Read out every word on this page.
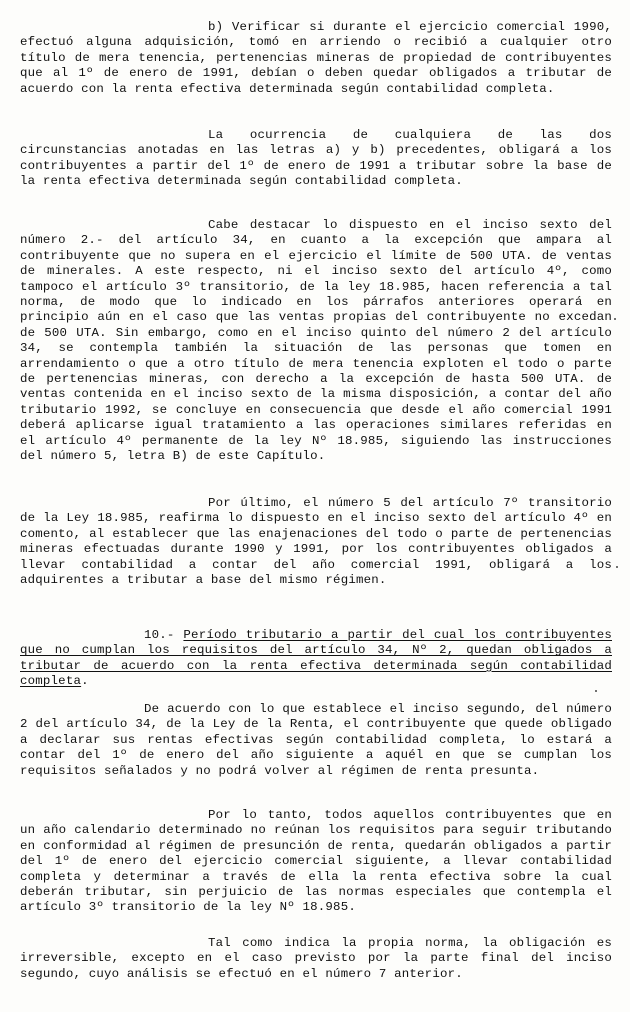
b) Verificar si durante el ejercicio comercial 1990, efectuó alguna adquisición, tomó en arriendo o recibió a cualquier otro título de mera tenencia, pertenencias mineras de propiedad de contribuyentes que al 1º de enero de 1991, debían o deben quedar obligados a tributar de acuerdo con la renta efectiva determinada según contabilidad completa.

La ocurrencia de cualquiera de las dos circunstancias anotadas en las letras a) y b) precedentes, obligará a los contribuyentes a partir del 1º de enero de 1991 a tributar sobre la base de la renta efectiva determinada según contabilidad completa.

Cabe destacar lo dispuesto en el inciso sexto del número 2.- del artículo 34, en cuanto a la excepción que ampara al contribuyente que no supera en el ejercicio el límite de 500 UTA. de ventas de minerales. A este respecto, ni el inciso sexto del artículo 4º, como tampoco el artículo 3º transitorio, de la ley 18.985, hacen referencia a tal norma, de modo que lo indicado en los párrafos anteriores operará en principio aún en el caso que las ventas propias del contribuyente no excedan de 500 UTA. Sin embargo, como en el inciso quinto del número 2 del artículo 34, se contempla también la situación de las personas que tomen en arrendamiento o que a otro título de mera tenencia exploten el todo o parte de pertenencias mineras, con derecho a la excepción de hasta 500 UTA. de ventas contenida en el inciso sexto de la misma disposición, a contar del año tributario 1992, se concluye en consecuencia que desde el año comercial 1991 deberá aplicarse igual tratamiento a las operaciones similares referidas en el artículo 4º permanente de la ley Nº 18.985, siguiendo las instrucciones del número 5, letra B) de este Capítulo.

Por último, el número 5 del artículo 7º transitorio de la Ley 18.985, reafirma lo dispuesto en el inciso sexto del artículo 4º en comento, al establecer que las enajenaciones del todo o parte de pertenencias mineras efectuadas durante 1990 y 1991, por los contribuyentes obligados a llevar contabilidad a contar del año comercial 1991, obligará a los adquirentes a tributar a base del mismo régimen.

10.- Período tributario a partir del cual los contribuyentes que no cumplan los requisitos del artículo 34, Nº 2, quedan obligados a tributar de acuerdo con la renta efectiva determinada según contabilidad completa.

De acuerdo con lo que establece el inciso segundo, del número 2 del artículo 34, de la Ley de la Renta, el contribuyente que quede obligado a declarar sus rentas efectivas según contabilidad completa, lo estará a contar del 1º de enero del año siguiente a aquél en que se cumplan los requisitos señalados y no podrá volver al régimen de renta presunta.

Por lo tanto, todos aquellos contribuyentes que en un año calendario determinado no reúnan los requisitos para seguir tributando en conformidad al régimen de presunción de renta, quedarán obligados a partir del 1º de enero del ejercicio comercial siguiente, a llevar contabilidad completa y determinar a través de ella la renta efectiva sobre la cual deberán tributar, sin perjuicio de las normas especiales que contempla el artículo 3º transitorio de la ley Nº 18.985.

Tal como indica la propia norma, la obligación es irreversible, excepto en el caso previsto por la parte final del inciso segundo, cuyo análisis se efectuó en el número 7 anterior.
